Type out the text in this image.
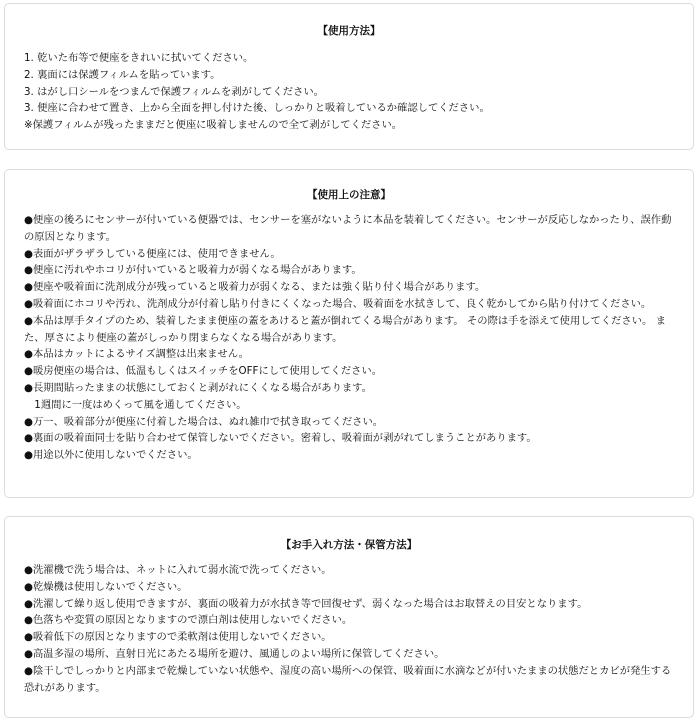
【使用方法】

1. 乾いた布等で便座をきれいに拭いてください。

2. 裏面には保護フィルムを貼っています。

3. はがし口シールをつまんで保護フィルムを剥がしてください。

3. 便座に合わせて置き、上から全面を押し付けた後、しっかりと吸着しているか確認してください。

※保護フィルムが残ったままだと便座に吸着しませんので全て剥がしてください。

【使用上の注意】

●便座の後ろにセンサーが付いている便器では、センサーを塞がないように本品を装着してください。センサーが反応しなかったり、誤作動の原因となります。

●表面がザラザラしている便座には、使用できません。

●便座に汚れやホコリが付いていると吸着力が弱くなる場合があります。

●便座や吸着面に洗剤成分が残っていると吸着力が弱くなる、または強く貼り付く場合があります。

●吸着面にホコリや汚れ、洗剤成分が付着し貼り付きにくくなった場合、吸着面を水拭きして、良く乾かしてから貼り付けてください。

●本品は厚手タイプのため、装着したまま便座の蓋をあけると蓋が倒れてくる場合があります。 その際は手を添えて使用してください。 また、厚さにより便座の蓋がしっかり閉まらなくなる場合があります。

●本品はカットによるサイズ調整は出来ません。

●暖房便座の場合は、低温もしくはスイッチをOFFにして使用してください。

●長期間貼ったままの状態にしておくと剥がれにくくなる場合があります。

　1週間に一度はめくって風を通してください。

●万一、吸着部分が便座に付着した場合は、ぬれ雑巾で拭き取ってください。

●裏面の吸着面同士を貼り合わせて保管しないでください。密着し、吸着面が剥がれてしまうことがあります。

●用途以外に使用しないでください。

【お手入れ方法・保管方法】

●洗濯機で洗う場合は、ネットに入れて弱水流で洗ってください。

●乾燥機は使用しないでください。

●洗濯して繰り返し使用できますが、裏面の吸着力が水拭き等で回復せず、弱くなった場合はお取替えの目安となります。

●色落ちや変質の原因となりますので漂白剤は使用しないでください。

●吸着低下の原因となりますので柔軟剤は使用しないでください。

●高温多湿の場所、直射日光にあたる場所を避け、風通しのよい場所に保管してください。

●陰干しでしっかりと内部まで乾燥していない状態や、湿度の高い場所への保管、吸着面に水滴などが付いたままの状態だとカビが発生する恐れがあります。
